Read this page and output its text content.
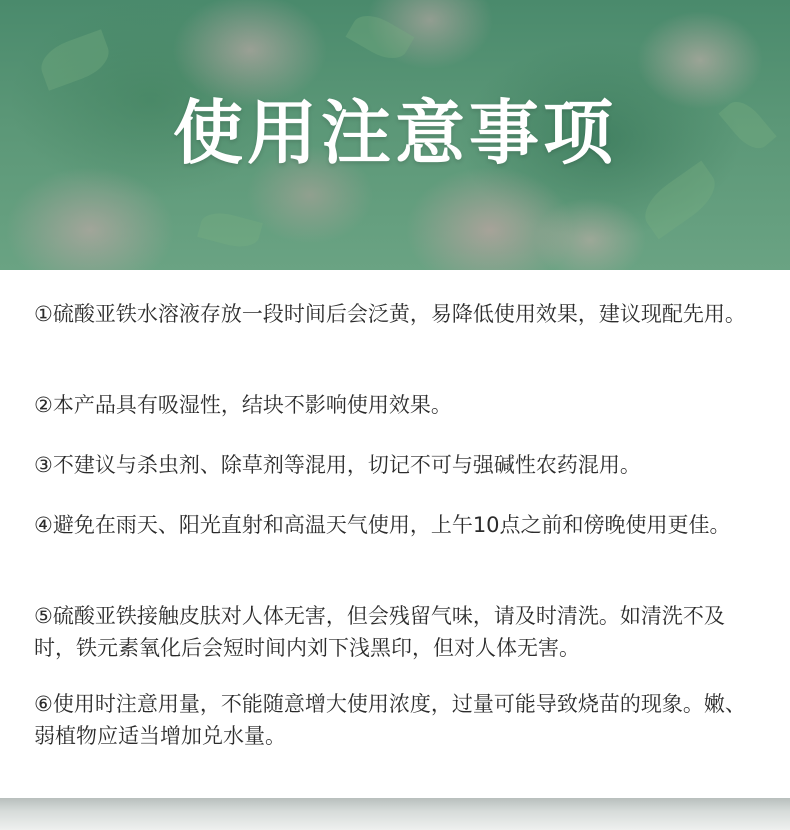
使用注意事项

①硫酸亚铁水溶液存放一段时间后会泛黄，易降低使用效果，建议现配先用。

②本产品具有吸湿性，结块不影响使用效果。

③不建议与杀虫剂、除草剂等混用，切记不可与强碱性农药混用。

④避免在雨天、阳光直射和高温天气使用，上午10点之前和傍晚使用更佳。

⑤硫酸亚铁接触皮肤对人体无害，但会残留气味，请及时清洗。如清洗不及时，铁元素氧化后会短时间内刘下浅黑印，但对人体无害。

⑥使用时注意用量，不能随意增大使用浓度，过量可能导致烧苗的现象。嫩、弱植物应适当增加兑水量。
